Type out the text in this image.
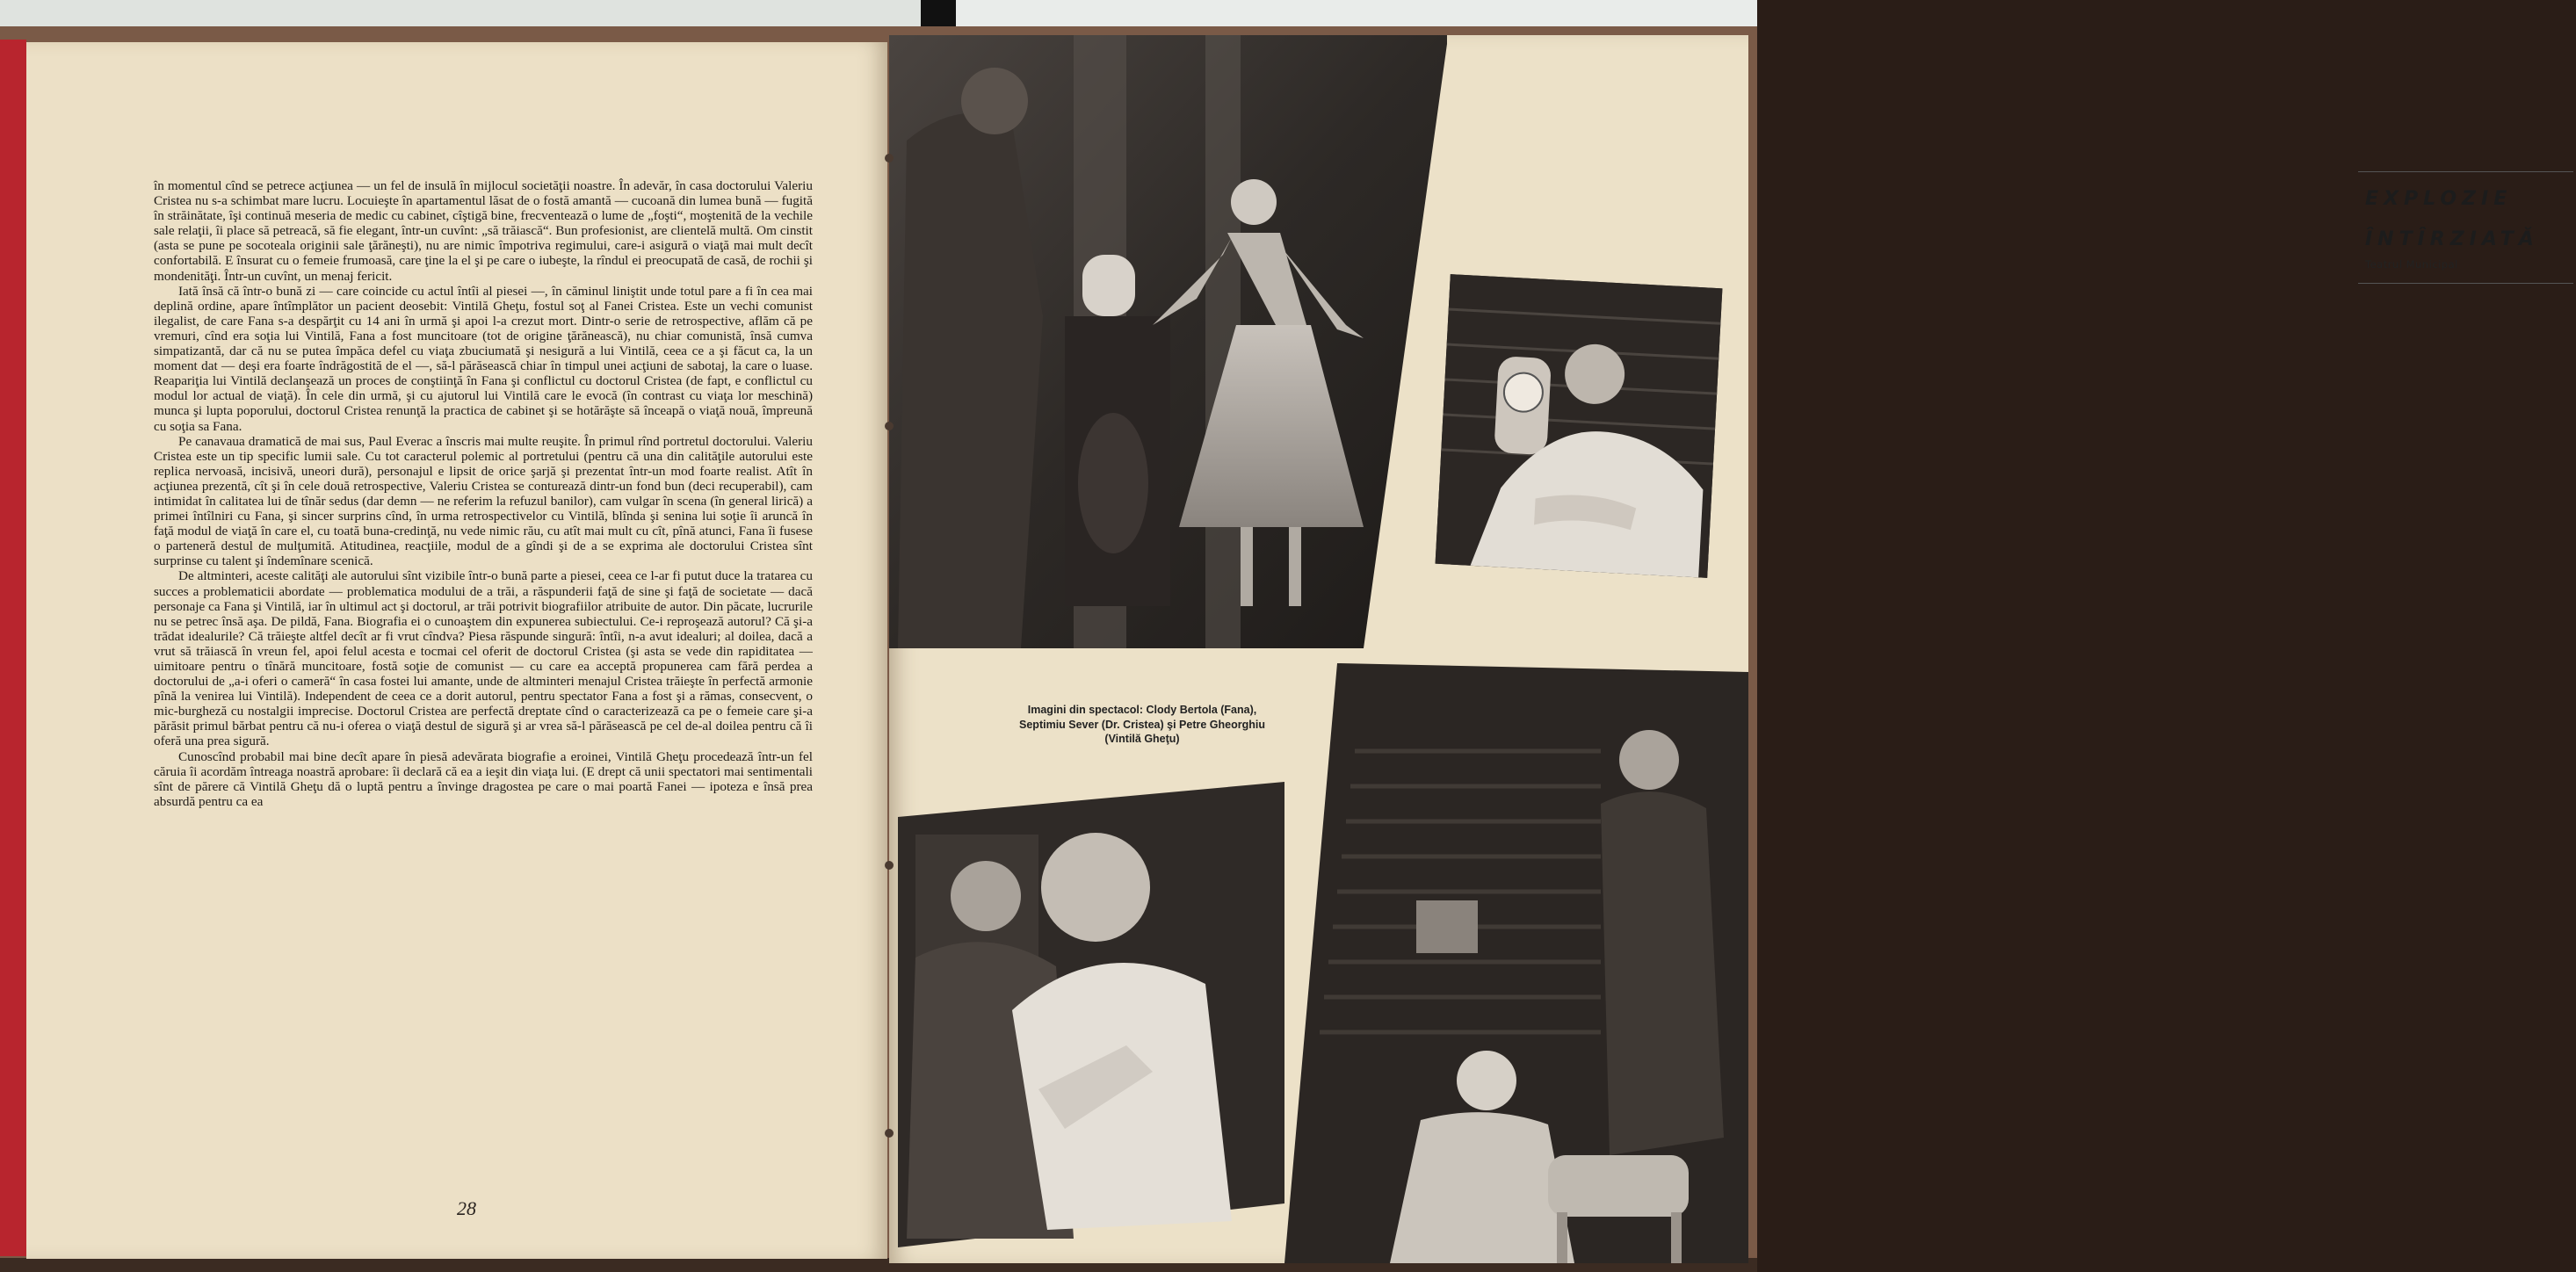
în momentul cînd se petrece acţiunea — un fel de insulă în mijlocul societăţii noastre. În adevăr, în casa doctorului Valeriu Cristea nu s-a schimbat mare lucru. Locuieşte în apartamentul lăsat de o fostă amantă — cucoană din lumea bună — fugită în străinătate, îşi continuă meseria de medic cu cabinet, cîştigă bine, frecventează o lume de „foşti“, moştenită de la vechile sale relaţii, îi place să petreacă, să fie elegant, într-un cuvînt: „să trăiască“. Bun profesionist, are clientelă multă. Om cinstit (asta se pune pe socoteala originii sale ţărăneşti), nu are nimic împotriva regimului, care-i asigură o viaţă mai mult decît confortabilă. E însurat cu o femeie frumoasă, care ţine la el şi pe care o iubeşte, la rîndul ei preocupată de casă, de rochii şi mondenităţi. Într-un cuvînt, un menaj fericit.

Iată însă că într-o bună zi — care coincide cu actul întîi al piesei —, în căminul liniştit unde totul pare a fi în cea mai deplină ordine, apare întîmplător un pacient deosebit: Vintilă Gheţu, fostul soţ al Fanei Cristea. Este un vechi comunist ilegalist, de care Fana s-a despărţit cu 14 ani în urmă şi apoi l-a crezut mort. Dintr-o serie de retrospective, aflăm că pe vremuri, cînd era soţia lui Vintilă, Fana a fost muncitoare (tot de origine ţărănească), nu chiar comunistă, însă cumva simpatizantă, dar că nu se putea împăca defel cu viaţa zbuciumată şi nesigură a lui Vintilă, ceea ce a şi făcut ca, la un moment dat — deşi era foarte îndrăgostită de el —, să-l părăsească chiar în timpul unei acţiuni de sabotaj, la care o luase. Reapariţia lui Vintilă declanşează un proces de conştiinţă în Fana şi conflictul cu doctorul Cristea (de fapt, e conflictul cu modul lor actual de viaţă). În cele din urmă, şi cu ajutorul lui Vintilă care le evocă (în contrast cu viaţa lor meschină) munca şi lupta poporului, doctorul Cristea renunţă la practica de cabinet şi se hotărăşte să înceapă o viaţă nouă, împreună cu soţia sa Fana.

Pe canavaua dramatică de mai sus, Paul Everac a înscris mai multe reuşite. În primul rînd portretul doctorului. Valeriu Cristea este un tip specific lumii sale. Cu tot caracterul polemic al portretului (pentru că una din calităţile autorului este replica nervoasă, incisivă, uneori dură), personajul e lipsit de orice şarjă şi prezentat într-un mod foarte realist. Atît în acţiunea prezentă, cît şi în cele două retrospective, Valeriu Cristea se conturează dintr-un fond bun (deci recuperabil), cam intimidat în calitatea lui de tînăr sedus (dar demn — ne referim la refuzul banilor), cam vulgar în scena (în general lirică) a primei întîlniri cu Fana, şi sincer surprins cînd, în urma retrospectivelor cu Vintilă, blînda şi senina lui soţie îi aruncă în faţă modul de viaţă în care el, cu toată buna-credinţă, nu vede nimic rău, cu atît mai mult cu cît, pînă atunci, Fana îi fusese o parteneră destul de mulţumită. Atitudinea, reacţiile, modul de a gîndi şi de a se exprima ale doctorului Cristea sînt surprinse cu talent şi îndemînare scenică.

De altminteri, aceste calităţi ale autorului sînt vizibile într-o bună parte a piesei, ceea ce l-ar fi putut duce la tratarea cu succes a problematicii abordate — problematica modului de a trăi, a răspunderii faţă de sine şi faţă de societate — dacă personaje ca Fana şi Vintilă, iar în ultimul act şi doctorul, ar trăi potrivit biografiilor atribuite de autor. Din păcate, lucrurile nu se petrec însă aşa. De pildă, Fana. Biografia ei o cunoaştem din expunerea subiectului. Ce-i reproşează autorul? Că şi-a trădat idealurile? Că trăieşte altfel decît ar fi vrut cîndva? Piesa răspunde singură: întîi, n-a avut idealuri; al doilea, dacă a vrut să trăiască în vreun fel, apoi felul acesta e tocmai cel oferit de doctorul Cristea (şi asta se vede din rapiditatea — uimitoare pentru o tînără muncitoare, fostă soţie de comunist — cu care ea acceptă propunerea cam fără perdea a doctorului de „a-i oferi o cameră“ în casa fostei lui amante, unde de altminteri menajul Cristea trăieşte în perfectă armonie pînă la venirea lui Vintilă). Independent de ceea ce a dorit autorul, pentru spectator Fana a fost şi a rămas, consecvent, o mic-burgheză cu nostalgii imprecise. Doctorul Cristea are perfectă dreptate cînd o caracterizează ca pe o femeie care şi-a părăsit primul bărbat pentru că nu-i oferea o viaţă destul de sigură şi ar vrea să-l părăsească pe cel de-al doilea pentru că îi oferă una prea sigură.

Cunoscînd probabil mai bine decît apare în piesă adevărata biografie a eroinei, Vintilă Gheţu procedează într-un fel căruia îi acordăm întreaga noastră aprobare: îi declară că ea a ieşit din viaţa lui. (E drept că unii spectatori mai sentimentali sînt de părere că Vintilă Gheţu dă o luptă pentru a învinge dragostea pe care o mai poartă Fanei — ipoteza e însă prea absurdă pentru ca ea

28
EXPLOZIE
ÎNTÎRZIATĂ
Teatrul Municipal
Imagini din spectacol: Clody Bertola (Fana), Septimiu Sever (Dr. Cristea) şi Petre Gheorghiu (Vintilă Gheţu)
